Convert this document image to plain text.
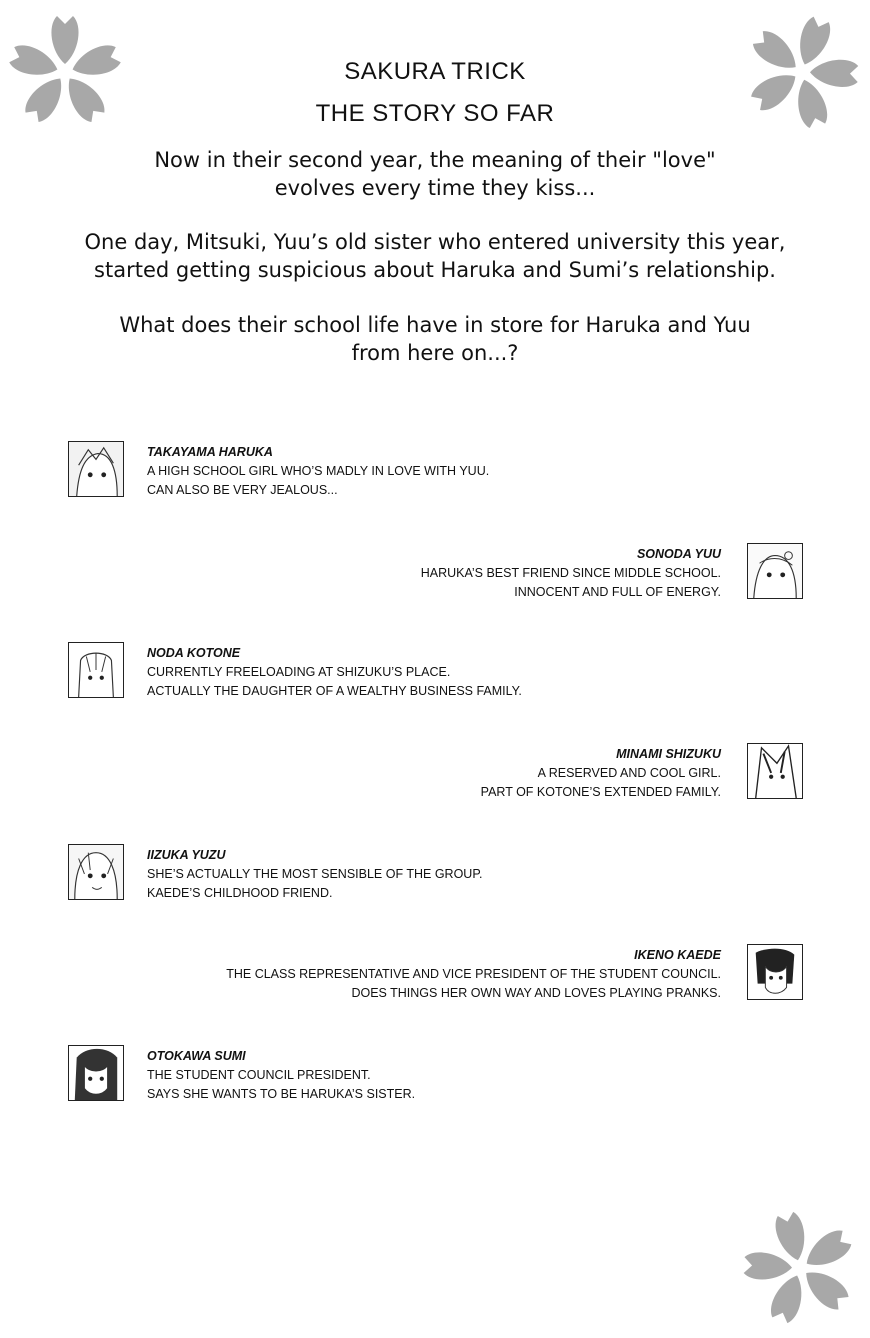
SAKURA TRICK
THE STORY SO FAR

Now in their second year, the meaning of their "love"

evolves every time they kiss...

One day, Mitsuki, Yuu’s old sister who entered university this year,

started getting suspicious about Haruka and Sumi’s relationship.

What does their school life have in store for Haruka and Yuu

from here on...?

TAKAYAMA HARUKA
A HIGH SCHOOL GIRL WHO’S MADLY IN LOVE WITH YUU.
CAN ALSO BE VERY JEALOUS...
SONODA YUU
HARUKA’S BEST FRIEND SINCE MIDDLE SCHOOL.
INNOCENT AND FULL OF ENERGY.
NODA KOTONE
CURRENTLY FREELOADING AT SHIZUKU’S PLACE.
ACTUALLY THE DAUGHTER OF A WEALTHY BUSINESS FAMILY.
MINAMI SHIZUKU
A RESERVED AND COOL GIRL.
PART OF KOTONE’S EXTENDED FAMILY.
IIZUKA YUZU
SHE’S ACTUALLY THE MOST SENSIBLE OF THE GROUP.
KAEDE’S CHILDHOOD FRIEND.
IKENO KAEDE
THE CLASS REPRESENTATIVE AND VICE PRESIDENT OF THE STUDENT COUNCIL.
DOES THINGS HER OWN WAY AND LOVES PLAYING PRANKS.
OTOKAWA SUMI
THE STUDENT COUNCIL PRESIDENT.
SAYS SHE WANTS TO BE HARUKA’S SISTER.
